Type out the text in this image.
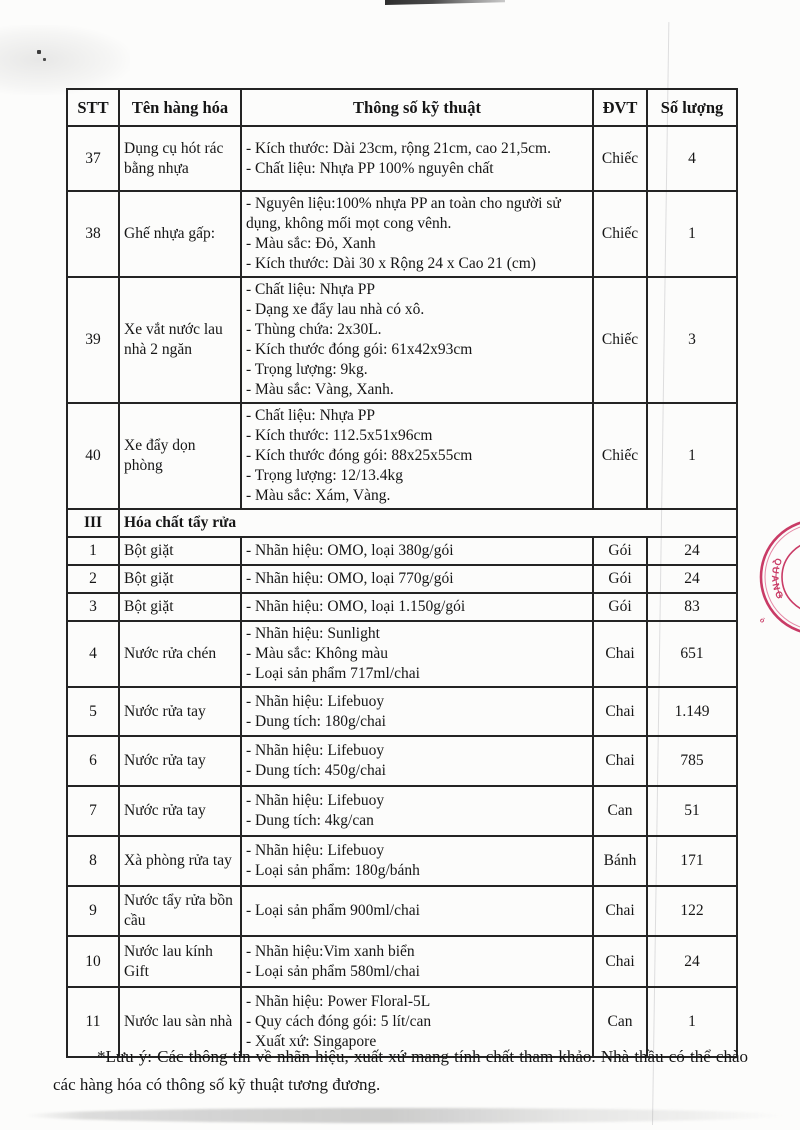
STT	Tên hàng hóa	Thông số kỹ thuật	ĐVT	Số lượng
37	Dụng cụ hót rác bằng nhựa	- Kích thước: Dài 23cm, rộng 21cm, cao 21,5cm.
- Chất liệu: Nhựa PP 100% nguyên chất	Chiếc	4
38	Ghế nhựa gấp:	- Nguyên liệu:100% nhựa PP an toàn cho người sử dụng, không mối mọt cong vênh.
- Màu sắc: Đỏ, Xanh
- Kích thước: Dài 30 x Rộng 24 x Cao 21 (cm)	Chiếc	1
39	Xe vắt nước lau nhà 2 ngăn	
- Chất liệu: Nhựa PP
- Dạng xe đẩy lau nhà có xô.
- Thùng chứa: 2x30L.
- Kích thước đóng gói: 61x42x93cm
- Trọng lượng: 9kg.
- Màu sắc: Vàng, Xanh.
	Chiếc	3
40	Xe đẩy dọn phòng	- Chất liệu: Nhựa PP
- Kích thước: 112.5x51x96cm
- Kích thước đóng gói: 88x25x55cm
- Trọng lượng: 12/13.4kg
- Màu sắc: Xám, Vàng.	Chiếc	1
III	Hóa chất tẩy rửa			
1	Bột giặt	- Nhãn hiệu: OMO, loại 380g/gói	Gói	24
2	Bột giặt	- Nhãn hiệu: OMO, loại 770g/gói	Gói	24
3	Bột giặt	- Nhãn hiệu: OMO, loại 1.150g/gói	Gói	83
4	Nước rửa chén	- Nhãn hiệu: Sunlight
- Màu sắc: Không màu
- Loại sản phẩm 717ml/chai	Chai	651
5	Nước rửa tay	- Nhãn hiệu: Lifebuoy
- Dung tích: 180g/chai	Chai	1.149
6	Nước rửa tay	- Nhãn hiệu: Lifebuoy
- Dung tích: 450g/chai	Chai	785
7	Nước rửa tay	- Nhãn hiệu: Lifebuoy
- Dung tích: 4kg/can	Can	51
8	Xà phòng rửa tay	- Nhãn hiệu: Lifebuoy
- Loại sản phẩm: 180g/bánh	Bánh	171
9	Nước tẩy rửa bồn cầu	- Loại sản phẩm 900ml/chai	Chai	122
10	Nước lau kính Gift	- Nhãn hiệu:Vim xanh biển
- Loại sản phẩm 580ml/chai	Chai	24
11	Nước lau sàn nhà	- Nhãn hiệu: Power Floral-5L
- Quy cách đóng gói: 5 lít/can
- Xuất xứ: Singapore	Can	1

*Lưu ý: Các thông tin về nhãn hiệu, xuất xứ mang tính chất tham khảo. Nhà thầu có thể chào các hàng hóa có thông số kỹ thuật tương đương.

QUANG
ỏ
